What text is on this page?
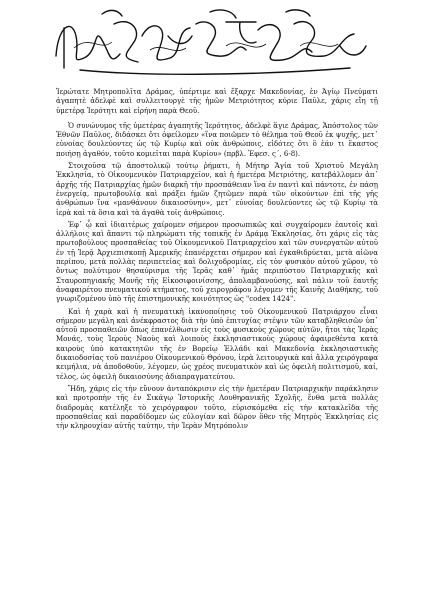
Ἱερώτατε Μητροπολῖτα Δράμας, ὑπέρτιμε καὶ ἔξαρχε Μακεδονίας, ἐν Ἁγίῳ Πνεύματι ἀγαπητὲ ἀδελφὲ καὶ συλλειτουργὲ τῆς ἡμῶν Μετριότητος κύριε Παῦλε, χάρις εἴη τῇ ὑμετέρᾳ Ἱερότητι καὶ εἰρήνη παρὰ Θεοῦ.

Ὁ συνώνυμος τῆς ὑμετέρας ἀγαπητῆς Ἱερότητος, ἀδελφὲ ἅγιε Δράμας, Ἀπόστολος τῶν Ἐθνῶν Παῦλος, διδάσκει ὅτι ὀφείλομεν «ἵνα ποιῶμεν τὸ θέλημα τοῦ Θεοῦ ἐκ ψυχῆς, μετ᾽ εὐνοίας δουλεύοντες ὡς τῷ Κυρίῳ καὶ οὐκ ἀνθρώποις, εἰδότες ὅτι ὃ ἐάν τι ἕκαστος ποιήσῃ ἀγαθόν, τοῦτο κομιεῖται παρὰ Κυρίου» (πρβλ. Ἐφεσ. ς΄, 6-8).

Στοιχοῦσα τῷ ἀποστολικῷ τούτῳ ῥήματι, ἡ Μήτηρ Ἁγία τοῦ Χριστοῦ Μεγάλη Ἐκκλησία, τὸ Οἰκουμενικὸν Πατριαρχεῖον, καὶ ἡ ἡμετέρα Μετριότης, κατεβάλλομεν ἀπ᾽ ἀρχῆς τῆς Πατριαρχίας ἡμῶν διαρκῆ τὴν προσπάθειαν ἵνα ἐν παντὶ καὶ πάντοτε, ἐν πάσῃ ἐνεργείᾳ, πρωτοβουλίᾳ καὶ πράξει ἡμῶν ζητῶμεν παρὰ τῶν οἰκούντων ἐπὶ τῆς γῆς ἀνθρώπων ἵνα «μανθάνουν δικαιοσύνην», μετ᾽ εὐνοίας δουλεύοντες ὡς τῷ Κυρίῳ τὰ ἱερὰ καὶ τὰ ὅσια καὶ τὰ ἀγαθὰ τοῖς ἀνθρώποις.

Ἐφ᾽ ᾧ καὶ ἰδιαιτέρως χαίρομεν σήμερον προσωπικῶς καὶ συγχαίρομεν ἑαυτοῖς καὶ ἀλλήλοις καὶ ἅπαντι τῷ πληρώματι τῆς τοπικῆς ἐν Δράμᾳ Ἐκκλησίας, ὅτι χάρις εἰς τὰς πρωτοβούλους προσπαθείας τοῦ Οἰκουμενικοῦ Πατριαρχείου καὶ τῶν συνεργατῶν αὐτοῦ ἐν τῇ Ἱερᾷ Ἀρχιεπισκοπῇ Ἀμερικῆς ἐπανέρχεται σήμερον καὶ ἐγκαθιδρύεται, μετὰ αἰῶνα περίπου, μετὰ πολλὰς περιπετείας καὶ δολιχοδρομίας, εἰς τὸν φυσικὸν αὐτοῦ χῶρον, τὸ ὄντως πολύτιμον θησαύρισμα τῆς Ἱερᾶς καθ᾽ ἡμᾶς περιπύστου Πατριαρχικῆς καὶ Σταυροπηγιακῆς Μονῆς τῆς Εἰκοσιφοινίσσης, ἀπολαμβανούσης, καὶ πάλιν τοῦ ἑαυτῆς ἀναφαιρέτου πνευματικοῦ κτήματος, τοῦ χειρογράφου λέγομεν τῆς Καινῆς Διαθήκης, τοῦ γνωριζομένου ὑπὸ τῆς ἐπιστημονικῆς κοινότητος ὡς "codex 1424".

Καὶ ἡ χαρὰ καὶ ἡ πνευματικὴ ἱκανοποίησις τοῦ Οἰκουμενικοῦ Πατριάρχου εἶναι σήμερον μεγάλη καὶ ἀνέκφραστος διὰ τὴν ὑπὸ ἐπιτυχίας στέψιν τῶν καταβληθεισῶν ὑπ᾽ αὐτοῦ προσπαθειῶν ὅπως ἐπανέλθωσιν εἰς τοὺς φυσικοὺς χώρους αὐτῶν, ἤτοι τὰς Ἱερὰς Μονάς, τοὺς Ἱεροὺς Ναοὺς καὶ λοιποὺς ἐκκλησιαστικοὺς χώρους ἀφαιρεθέντα κατὰ καιροὺς ὑπὸ κατακτητῶν τῆς ἐν Βορείῳ Ἑλλάδι καὶ Μακεδονίᾳ ἐκκλησιαστικῆς δικαιοδοσίας τοῦ πανιέρου Οἰκουμενικοῦ Θρόνου, ἱερὰ λειτουργικὰ καὶ ἄλλα χειρόγραφα κειμήλια, νὰ ἀποδοθοῦν, λέγομεν, ὡς χρέος πνευματικὸν καὶ ὡς ὀφειλὴ πολιτισμοῦ, καί, τέλος, ὡς ὀφειλὴ δικαιοσύνης ἀδιαπραγματεύτου.

Ἤδη, χάρις εἰς τὴν εὔνουν ἀνταπόκρισιν εἰς τὴν ἡμετέραν Πατριαρχικὴν παράκλησιν καὶ προτροπὴν τῆς ἐν Σικάγῳ Ἱστορικῆς Λουθηρανικῆς Σχολῆς, ἔνθα μετὰ πολλὰς διαδρομὰς κατέληξε τὸ χειρόγραφον τοῦτο, εὑρισκόμεθα εἰς τὴν κατακλεῖδα τῆς προσπαθείας καὶ παραδίδομεν ὡς εὐλογίαν καὶ δῶρον ὅθεν τῆς Μητρὸς Ἐκκλησίας εἰς τὴν κληρουχίαν αὐτῆς ταύτην, τὴν Ἱερὰν Μητρόπολιν
